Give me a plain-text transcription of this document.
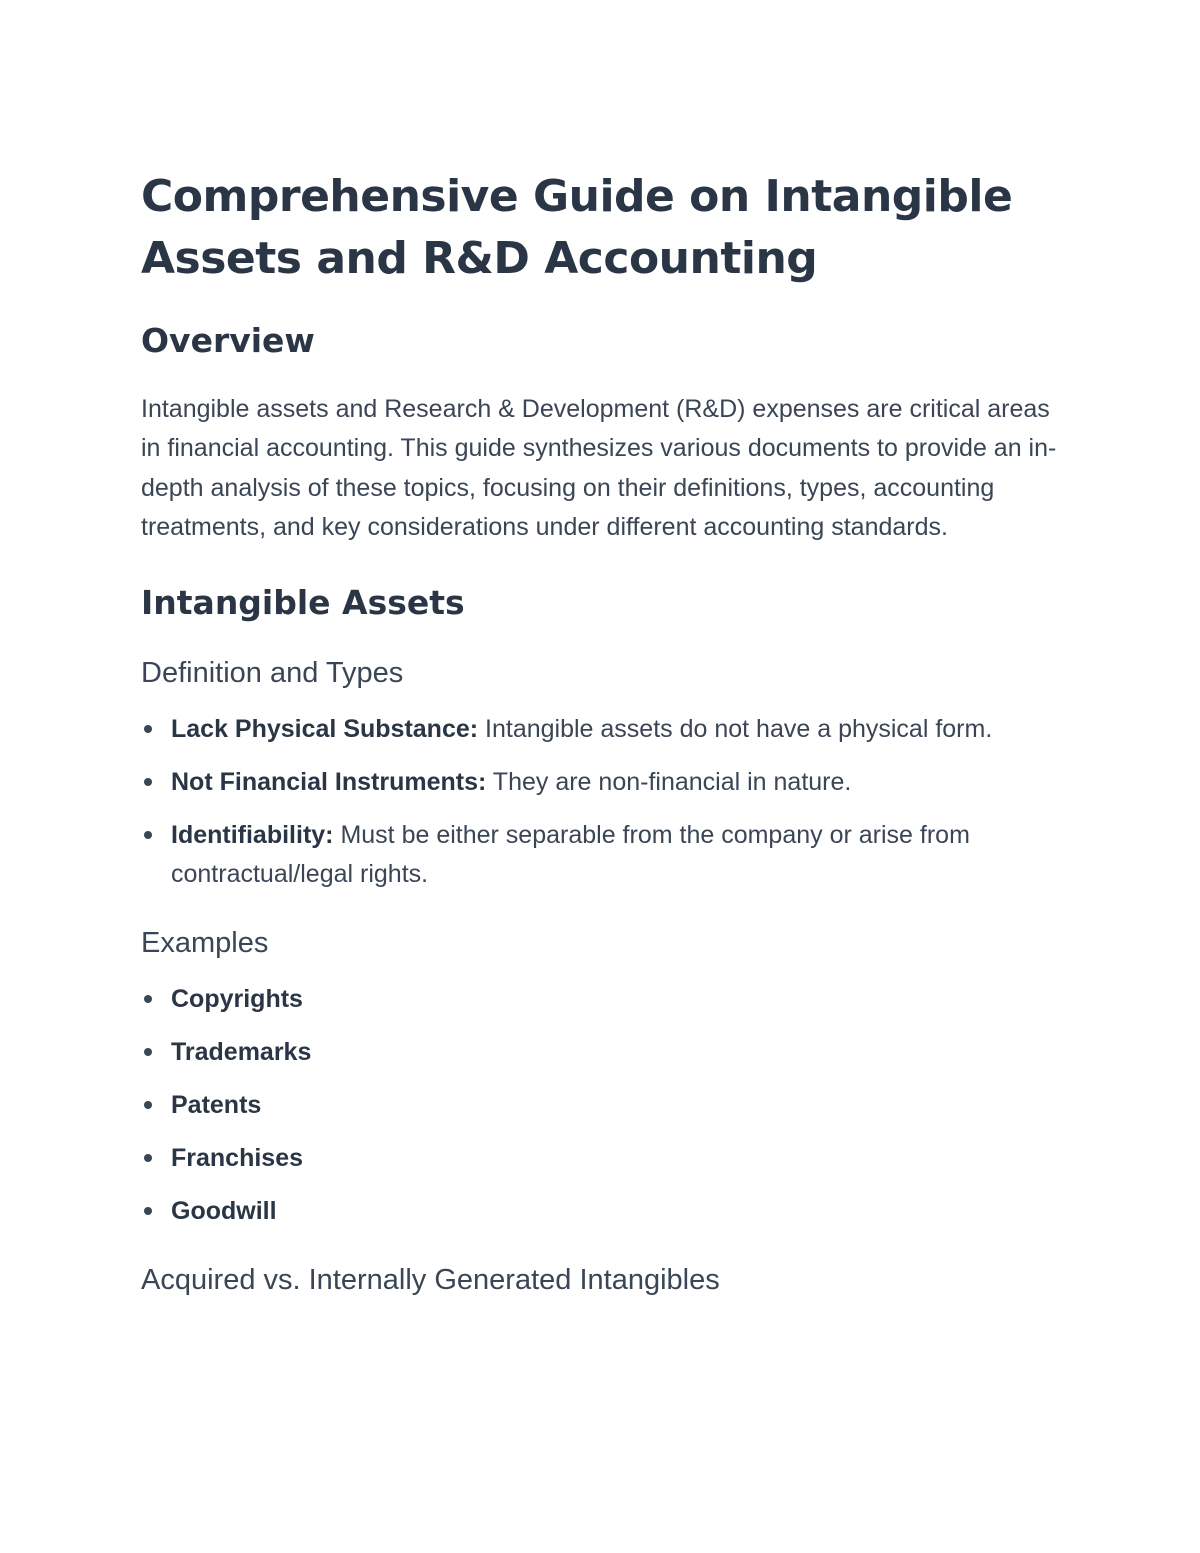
Comprehensive Guide on Intangible Assets and R&D Accounting
Overview

Intangible assets and Research & Development (R&D) expenses are critical areas in financial accounting. This guide synthesizes various documents to provide an in-depth analysis of these topics, focusing on their definitions, types, accounting treatments, and key considerations under different accounting standards.

Intangible Assets
Definition and Types
Lack Physical Substance: Intangible assets do not have a physical form.
Not Financial Instruments: They are non-financial in nature.
Identifiability: Must be either separable from the company or arise from contractual/legal rights.
Examples
Copyrights
Trademarks
Patents
Franchises
Goodwill
Acquired vs. Internally Generated Intangibles
